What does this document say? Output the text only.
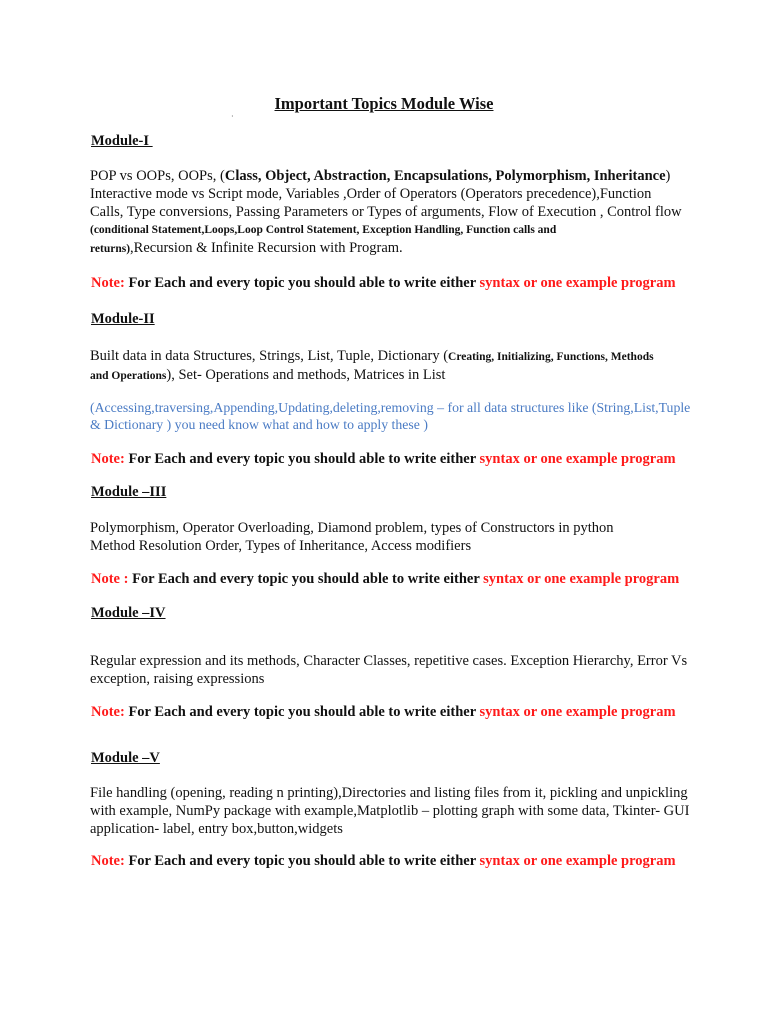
Important Topics Module Wise
·
Module-I
POP vs OOPs, OOPs, (Class, Object, Abstraction, Encapsulations, Polymorphism, Inheritance)
Interactive mode vs Script mode, Variables ,Order of Operators (Operators precedence),Function
Calls, Type conversions, Passing Parameters or Types of arguments, Flow of Execution , Control flow
(conditional Statement,Loops,Loop Control Statement, Exception Handling, Function calls and
returns),Recursion & Infinite Recursion with Program.
Note: For Each and every topic you should able to write either syntax or one example program
Module-II
Built data in data Structures, Strings, List, Tuple, Dictionary (Creating, Initializing, Functions, Methods
and Operations), Set- Operations and methods, Matrices in List
(Accessing,traversing,Appending,Updating,deleting,removing – for all data structures like (String,List,Tuple
& Dictionary ) you need know what and how to apply these )
Note: For Each and every topic you should able to write either syntax or one example program
Module –III
Polymorphism, Operator Overloading, Diamond problem, types of Constructors in python
Method Resolution Order, Types of Inheritance, Access modifiers
Note : For Each and every topic you should able to write either syntax or one example program
Module –IV
Regular expression and its methods, Character Classes, repetitive cases. Exception Hierarchy, Error Vs
exception, raising expressions
Note: For Each and every topic you should able to write either syntax or one example program
Module –V
File handling (opening, reading n printing),Directories and listing files from it, pickling and unpickling
with example, NumPy package with example,Matplotlib – plotting graph with some data, Tkinter- GUI
application- label, entry box,button,widgets
Note: For Each and every topic you should able to write either syntax or one example program
